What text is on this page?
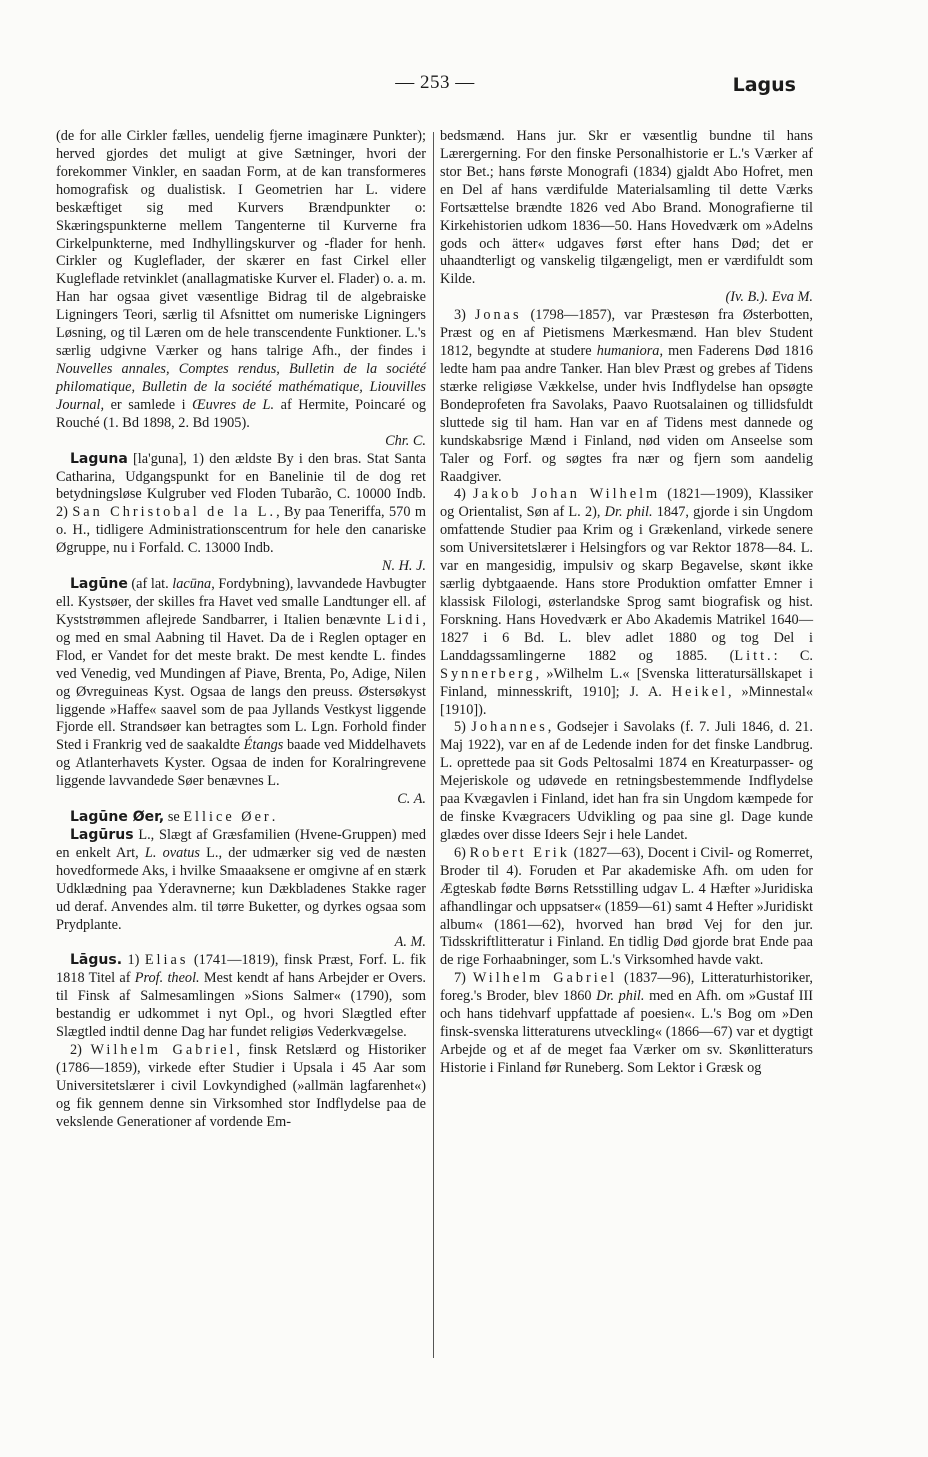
— 253 —	Lagus

(de for alle Cirkler fælles, uendelig fjerne imaginære Punkter); herved gjordes det muligt at give Sætninger, hvori der forekommer Vinkler, en saadan Form, at de kan transformeres homografisk og dualistisk. I Geometrien har L. videre beskæftiget sig med Kurvers Brændpunkter o: Skæringspunkterne mellem Tangenterne til Kurverne fra Cirkelpunkterne, med Indhyllingskurver og -flader for henh. Cirkler og Kugleflader, der skærer en fast Cirkel eller Kugleflade retvinklet (anallagmatiske Kurver el. Flader) o. a. m. Han har ogsaa givet væsentlige Bidrag til de algebraiske Ligningers Teori, særlig til Afsnittet om numeriske Ligningers Løsning, og til Læren om de hele transcendente Funktioner. L.'s særlig udgivne Værker og hans talrige Afh., der findes i Nouvelles annales, Comptes rendus, Bulletin de la société philomatique, Bulletin de la société mathématique, Liouvilles Journal, er samlede i Œuvres de L. af Hermite, Poincaré og Rouché (1. Bd 1898, 2. Bd 1905).
Chr. C.

Laguna [la'guna], 1) den ældste By i den bras. Stat Santa Catharina, Udgangspunkt for en Banelinie til de dog ret betydningsløse Kulgruber ved Floden Tubarão, C. 10000 Indb. 2) San Christobal de la L., By paa Teneriffa, 570 m o. H., tidligere Administrationscentrum for hele den canariske Øgruppe, nu i Forfald. C. 13000 Indb.
N. H. J.

Lagūne (af lat. lacūna, Fordybning), lavvandede Havbugter ell. Kystsøer, der skilles fra Havet ved smalle Landtunger ell. af Kyststrømmen aflejrede Sandbarrer, i Italien benævnte Lidi, og med en smal Aabning til Havet. Da de i Reglen optager en Flod, er Vandet for det meste brakt. De mest kendte L. findes ved Venedig, ved Mundingen af Piave, Brenta, Po, Adige, Nilen og Øvreguineas Kyst. Ogsaa de langs den preuss. Østersøkyst liggende »Haffe« saavel som de paa Jyllands Vestkyst liggende Fjorde ell. Strandsøer kan betragtes som L. Lgn. Forhold finder Sted i Frankrig ved de saakaldte Étangs baade ved Middelhavets og Atlanterhavets Kyster. Ogsaa de inden for Koralringrevene liggende lavvandede Søer benævnes L.
C. A.

Lagūne Øer, se Ellice Øer.

Lagūrus L., Slægt af Græsfamilien (Hvene-Gruppen) med en enkelt Art, L. ovatus L., der udmærker sig ved de næsten hovedformede Aks, i hvilke Smaaaksene er omgivne af en stærk Udklædning paa Yderavnerne; kun Dækbladenes Stakke rager ud deraf. Anvendes alm. til tørre Buketter, og dyrkes ogsaa som Prydplante.
A. M.

Lāgus. 1) Elias (1741—1819), finsk Præst, Forf. L. fik 1818 Titel af Prof. theol. Mest kendt af hans Arbejder er Overs. til Finsk af Salmesamlingen »Sions Salmer« (1790), som bestandig er udkommet i nyt Opl., og hvori Slægtled efter Slægtled indtil denne Dag har fundet religiøs Vederkvægelse.

2) Wilhelm Gabriel, finsk Retslærd og Historiker (1786—1859), virkede efter Studier i Upsala i 45 Aar som Universitetslærer i civil Lovkyndighed (»allmän lagfarenhet«) og fik gennem denne sin Virksomhed stor Indflydelse paa de vekslende Generationer af vordende Em-

bedsmænd. Hans jur. Skr er væsentlig bundne til hans Lærergerning. For den finske Personalhistorie er L.'s Værker af stor Bet.; hans første Monografi (1834) gjaldt Abo Hofret, men en Del af hans værdifulde Materialsamling til dette Værks Fortsættelse brændte 1826 ved Abo Brand. Monografierne til Kirkehistorien udkom 1836—50. Hans Hovedværk om »Adelns gods och ätter« udgaves først efter hans Død; det er uhaandterligt og vanskelig tilgængeligt, men er værdifuldt som Kilde.
(Iv. B.). Eva M.

3) Jonas (1798—1857), var Præstesøn fra Østerbotten, Præst og en af Pietismens Mærkesmænd. Han blev Student 1812, begyndte at studere humaniora, men Faderens Død 1816 ledte ham paa andre Tanker. Han blev Præst og grebes af Tidens stærke religiøse Vækkelse, under hvis Indflydelse han opsøgte Bondeprofeten fra Savolaks, Paavo Ruotsalainen og tillidsfuldt sluttede sig til ham. Han var en af Tidens mest dannede og kundskabsrige Mænd i Finland, nød viden om Anseelse som Taler og Forf. og søgtes fra nær og fjern som aandelig Raadgiver.

4) Jakob Johan Wilhelm (1821—1909), Klassiker og Orientalist, Søn af L. 2), Dr. phil. 1847, gjorde i sin Ungdom omfattende Studier paa Krim og i Grækenland, virkede senere som Universitetslærer i Helsingfors og var Rektor 1878—84. L. var en mangesidig, impulsiv og skarp Begavelse, skønt ikke særlig dybtgaaende. Hans store Produktion omfatter Emner i klassisk Filologi, østerlandske Sprog samt biografisk og hist. Forskning. Hans Hovedværk er Abo Akademis Matrikel 1640—1827 i 6 Bd. L. blev adlet 1880 og tog Del i Landdagssamlingerne 1882 og 1885. (Litt.: C. Synnerberg, »Wilhelm L.« [Svenska litteratursällskapet i Finland, minnesskrift, 1910]; J. A. Heikel, »Minnestal« [1910]).

5) Johannes, Godsejer i Savolaks (f. 7. Juli 1846, d. 21. Maj 1922), var en af de Ledende inden for det finske Landbrug. L. oprettede paa sit Gods Peltosalmi 1874 en Kreaturpasser- og Mejeriskole og udøvede en retningsbestemmende Indflydelse paa Kvægavlen i Finland, idet han fra sin Ungdom kæmpede for de finske Kvægracers Udvikling og paa sine gl. Dage kunde glædes over disse Ideers Sejr i hele Landet.

6) Robert Erik (1827—63), Docent i Civil- og Romerret, Broder til 4). Foruden et Par akademiske Afh. om uden for Ægteskab fødte Børns Retsstilling udgav L. 4 Hæfter »Juridiska afhandlingar och uppsatser« (1859—61) samt 4 Hefter »Juridiskt album« (1861—62), hvorved han brød Vej for den jur. Tidsskriftlitteratur i Finland. En tidlig Død gjorde brat Ende paa de rige Forhaabninger, som L.'s Virksomhed havde vakt.

7) Wilhelm Gabriel (1837—96), Litteraturhistoriker, foreg.'s Broder, blev 1860 Dr. phil. med en Afh. om »Gustaf III och hans tidehvarf uppfattade af poesien«. L.'s Bog om »Den finsk-svenska litteraturens utveckling« (1866—67) var et dygtigt Arbejde og et af de meget faa Værker om sv. Skønlitteraturs Historie i Finland før Runeberg. Som Lektor i Græsk og
